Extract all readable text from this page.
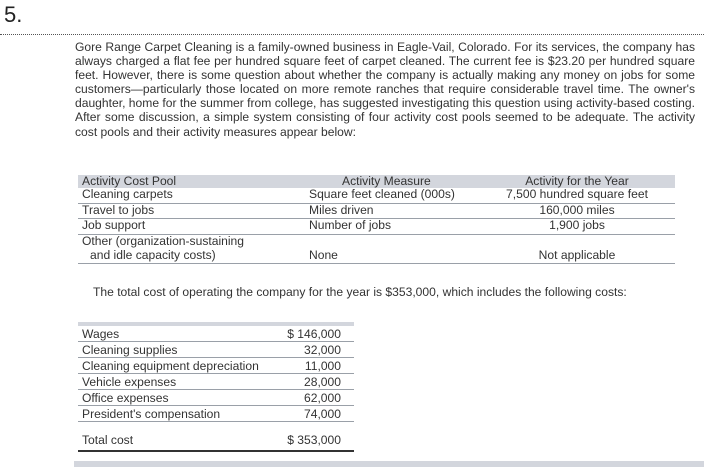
5.
Gore Range Carpet Cleaning is a family-owned business in Eagle-Vail, Colorado. For its services, the company has always charged a flat fee per hundred square feet of carpet cleaned. The current fee is $23.20 per hundred square feet. However, there is some question about whether the company is actually making any money on jobs for some customers—particularly those located on more remote ranches that require considerable travel time. The owner's daughter, home for the summer from college, has suggested investigating this question using activity-based costing. After some discussion, a simple system consisting of four activity cost pools seemed to be adequate. The activity cost pools and their activity measures appear below:
Activity Cost Pool	Activity Measure	Activity for the Year
Cleaning carpets	Square feet cleaned (000s)	7,500 hundred square feet
Travel to jobs	Miles driven	160,000 miles
Job support	Number of jobs	1,900 jobs
Other (organization-sustaining
and idle capacity costs)	None	Not applicable
The total cost of operating the company for the year is $353,000, which includes the following costs:
Wages	$ 146,000
Cleaning supplies	32,000
Cleaning equipment depreciation	11,000
Vehicle expenses	28,000
Office expenses	62,000
President's compensation	74,000
Total cost	$ 353,000
